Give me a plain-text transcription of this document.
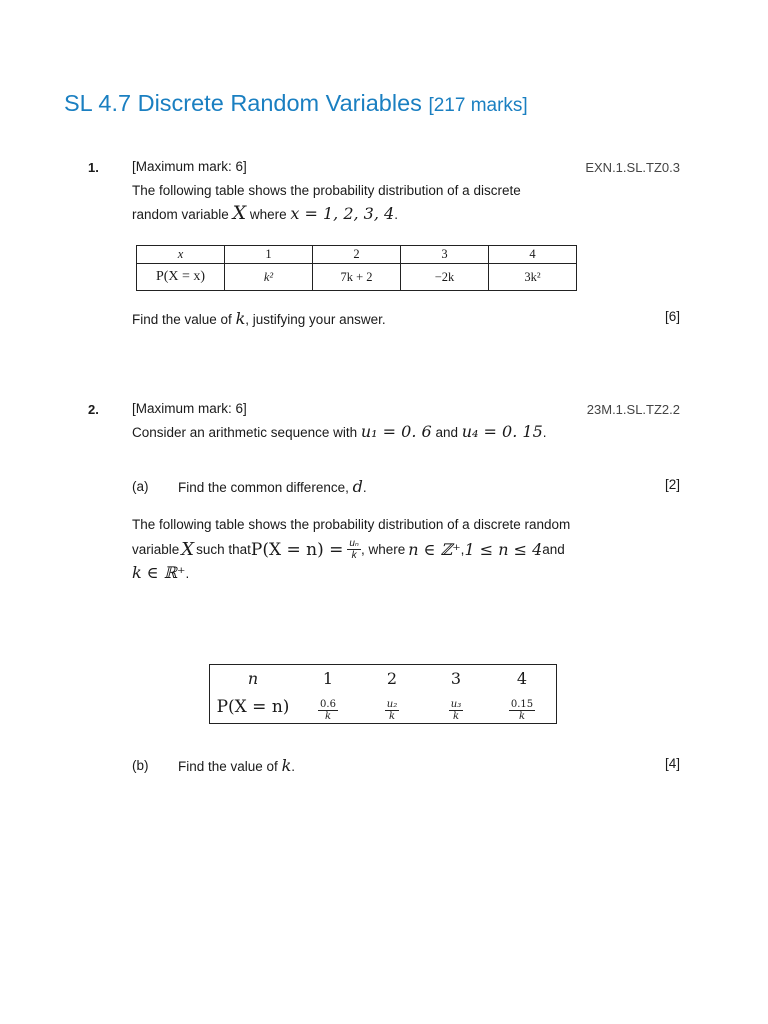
SL 4.7 Discrete Random Variables [217 marks]
1. [Maximum mark: 6]	EXN.1.SL.TZ0.3
The following table shows the probability distribution of a discrete
random variable X where x = 1, 2, 3, 4.
x	1	2	3	4
P(X = x)	k²	7k + 2	−2k	3k²
Find the value of k, justifying your answer.	[6]
2. [Maximum mark: 6]	23M.1.SL.TZ2.2
Consider an arithmetic sequence with u₁ = 0. 6 and u₄ = 0. 15.
(a) Find the common difference, d.	[2]
The following table shows the probability distribution of a discrete random
variable X such that $P(X = n) = \frac{\text{uₙ}}{k}$ , where n ∈ ℤ⁺ , 1 ≤ n ≤ 4 and
k ∈ ℝ⁺.
n	1	2	3	4
P(X = n)	$\frac{0.6}{k}$	$\frac{\text{u₂}}{k}$	$\frac{\text{u₃}}{k}$	$\frac{0.15}{k}$
(b) Find the value of k.	[4]
